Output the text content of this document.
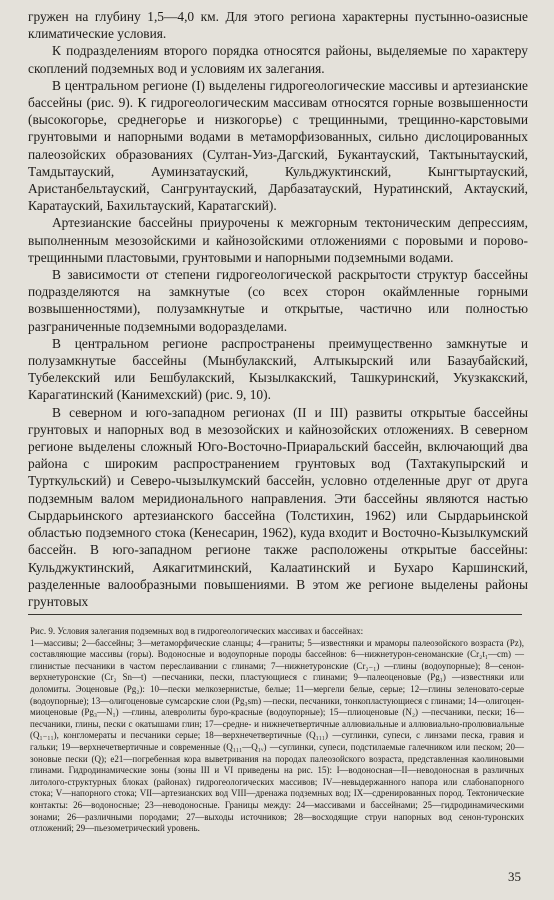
гружен на глубину 1,5—4,0 км. Для этого региона характерны пустынно-оазисные климатические условия.

К подразделениям второго порядка относятся районы, выделяемые по характеру скоплений подземных вод и условиям их залегания.

В центральном регионе (I) выделены гидрогеологические массивы и артезианские бассейны (рис. 9). К гидрогеологическим массивам относятся горные возвышенности (высокогорье, среднегорье и низкогорье) с трещинными, трещинно-карстовыми грунтовыми и напорными водами в метаморфизованных, сильно дислоцированных палеозойских образованиях (Султан-Уиз-Дагский, Букантауский, Тактынытауский, Тамдытауский, Ауминзатауский, Кульджуктинский, Кынгтыртауский, Аристанбельтауский, Сангрунтауский, Дарбазатауский, Нуратинский, Актауский, Каратауский, Бахильтауский, Каратагский).

Артезианские бассейны приурочены к межгорным тектоническим депрессиям, выполненным мезозойскими и кайнозойскими отложениями с поровыми и порово-трещинными пластовыми, грунтовыми и напорными подземными водами.

В зависимости от степени гидрогеологической раскрытости структур бассейны подразделяются на замкнутые (со всех сторон окаймленные горными возвышенностями), полузамкнутые и открытые, частично или полностью разграниченные подземными водоразделами.

В центральном регионе распространены преимущественно замкнутые и полузамкнутые бассейны (Мынбулакский, Алтыкырский или Базаубайский, Тубелекский или Бешбулакский, Кызылкакский, Ташкуринский, Укузкакский, Карагатинский (Канимехский) (рис. 9, 10).

В северном и юго-западном регионах (II и III) развиты открытые бассейны грунтовых и напорных вод в мезозойских и кайнозойских отложениях. В северном регионе выделены сложный Юго-Восточно-Приаральский бассейн, включающий два района с широким распространением грунтовых вод (Тахтакупырский и Турткульский) и Северо-чызылкумский бассейн, условно отделенные друг от друга подземным валом меридионального направления. Эти бассейны являются настью Сырдарьинского артезианского бассейна (Толстихин, 1962) или Сырдарьинской областью подземного стока (Кенесарин, 1962), куда входит и Восточно-Кызылкумский бассейн. В юго-западном регионе также расположены открытые бассейны: Кульджуктинский, Аякагитминский, Калаатинский и Бухаро Каршинский, разделенные валообразными повышениями. В этом же регионе выделены районы грунтовых

Рис. 9. Условия залегания подземных вод в гидрогеологических массивах и бассейнах:

1—массивы; 2—бассейны; 3—метаморфические сланцы; 4—граниты; 5—известняки и мраморы палеозойского возраста (Pz), составляющие массивы (горы). Водоносные и водоупорные породы бассейнов: 6—нижнетурон-сеноманские (Cr₂t₁—cm) —глинистые песчаники в частом переслаивании с глинами; 7—нижнетуронские (Cr₂₋₁) —глины (водоупорные); 8—сенон-верхнетуронские (Cr₂ Sn—t) —песчаники, пески, пластующиеся с глинами; 9—палеоценовые (Pg₁) —известняки или доломиты. Эоценовые (Pg₂): 10—пески мелкозернистые, белые; 11—мергели белые, серые; 12—глины зеленовато-серые (водоупорные); 13—олигоценовые сумсарские слои (Pg₃sm) —пески, песчаники, тонкопластующиеся с глинами; 14—олигоцен-миоценовые (Pg₃—N₁) —глины, алевролиты буро-красные (водоупорные); 15—плиоценовые (N₂) —песчаники, пески; 16—песчаники, глины, пески с окатышами глин; 17—средне- и нижнечетвертичные аллювиальные и аллювиально-пролювиальные (Q₁₋₁₁), конгломераты и песчаники серые; 18—верхнечетвертичные (Q₁₁₁) —суглинки, супеси, с линзами песка, гравия и гальки; 19—верхнечетвертичные и современные (Q₁₁₁—Q₁ᵥ) —суглинки, супеси, подстилаемые галечником или песком; 20—зоновые пески (Q); e21—погребенная кора выветривания на породах палеозойского возраста, представленная каолиновыми глинами. Гидродинамические зоны (зоны III и VI приведены на рис. 15): I—водоносная—II—неводоносная в различных литолого-структурных блоках (районах) гидрогеологических массивов; IV—невыдержанного напора или слабонапорного стока; V—напорного стока; VII—артезианских вод VIII—дренажа подземных вод; IX—сдренированных пород. Тектонические контакты: 26—водоносные; 23—неводоносные. Границы между: 24—массивами и бассейнами; 25—гидродинамическими зонами; 26—различными породами; 27—выходы источников; 28—восходящие струи напорных вод сенон-туронских отложений; 29—пьезометрический уровень.

35
